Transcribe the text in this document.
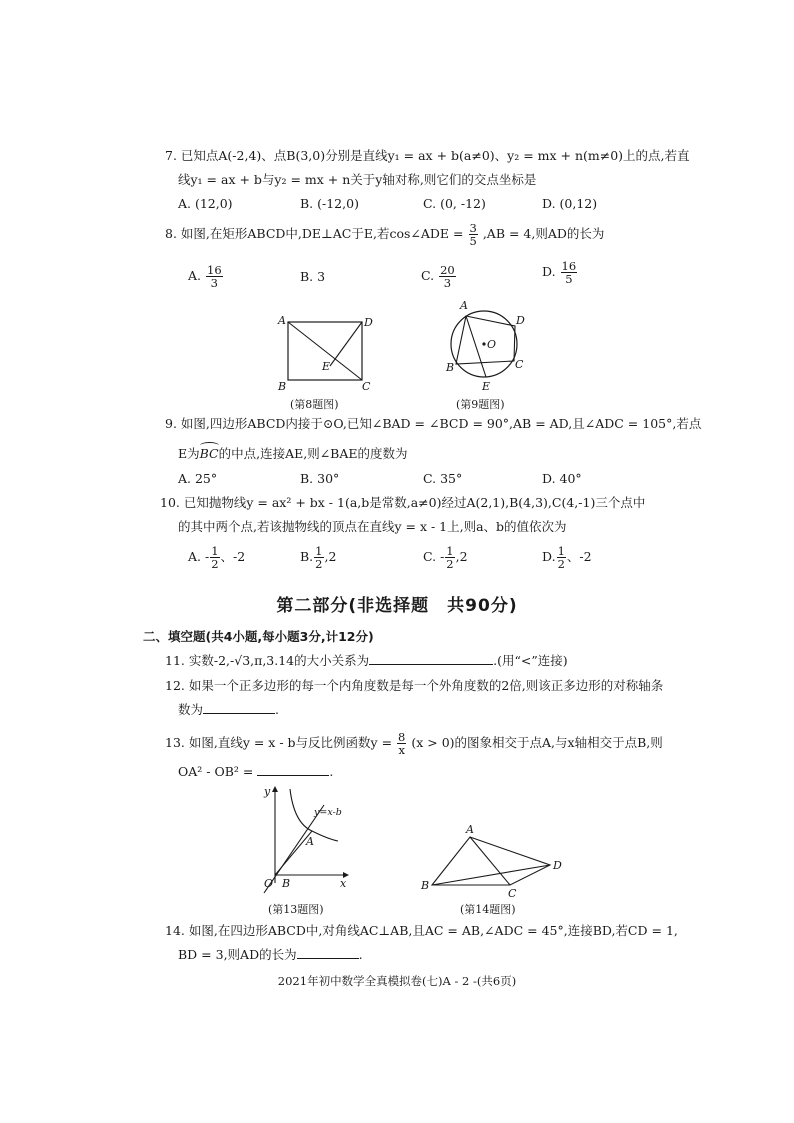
7. 已知点A(-2,4)、点B(3,0)分别是直线y₁ = ax + b(a≠0)、y₂ = mx + n(m≠0)上的点,若直
线y₁ = ax + b与y₂ = mx + n关于y轴对称,则它们的交点坐标是
A. (12,0)	B. (-12,0)	C. (0, -12)	D. (0,12)
8. 如图,在矩形ABCD中,DE⊥AC于E,若cos∠ADE = $\frac{3}{5} ,AB = 4$,则AD的长为
A. $\frac{16}{3}$	B. 3	C. $\frac{20}{3}$	D. $\frac{16}{5}$
A	D
E
B	C
(第8题图)
A
D
O
B	C
E
(第9题图)
9. 如图,四边形ABCD内接于⊙O,已知∠BAD = ∠BCD = 90°,AB = AD,且∠ADC = 105°,若点
E为
BC的中点,连接AE,则∠BAE的度数为
A. 25°	B. 30°	C. 35°	D. 40°
10. 已知抛物线y = ax² + bx - 1(a,b是常数,a≠0)经过A(2,1),B(4,3),C(4,-1)三个点中
的其中两个点,若该抛物线的顶点在直线y = x - 1上,则a、b的值依次为
A. - $\frac{1}{2}$ 、-2	B. $\frac{1}{2} ,2$	C. - $\frac{1}{2} ,2$	D. $\frac{1}{2}$ 、-2
第二部分(非选择题　共90分)
二、填空题(共4小题,每小题3分,计12分)
11. 实数-2,-√3,π,3.14的大小关系为	.(用“<”连接)
12. 如果一个正多边形的每一个内角度数是每一个外角度数的2倍,则该正多边形的对称轴条
数为	.
13. 如图,直线y = x - b与反比例函数$y = \frac{8}{x} (x > 0)$的图象相交于点A,与x轴相交于点B,则
OA² - OB² =	.
y
y=x-b
A
O B	x
(第13题图)
A
D
B
C
(第14题图)
14. 如图,在四边形ABCD中,对角线AC⊥AB,且AC = AB,∠ADC = 45°,连接BD,若CD = 1,
BD = 3,则AD的长为	.
2021年初中数学全真模拟卷(七)A - 2 -(共6页)
